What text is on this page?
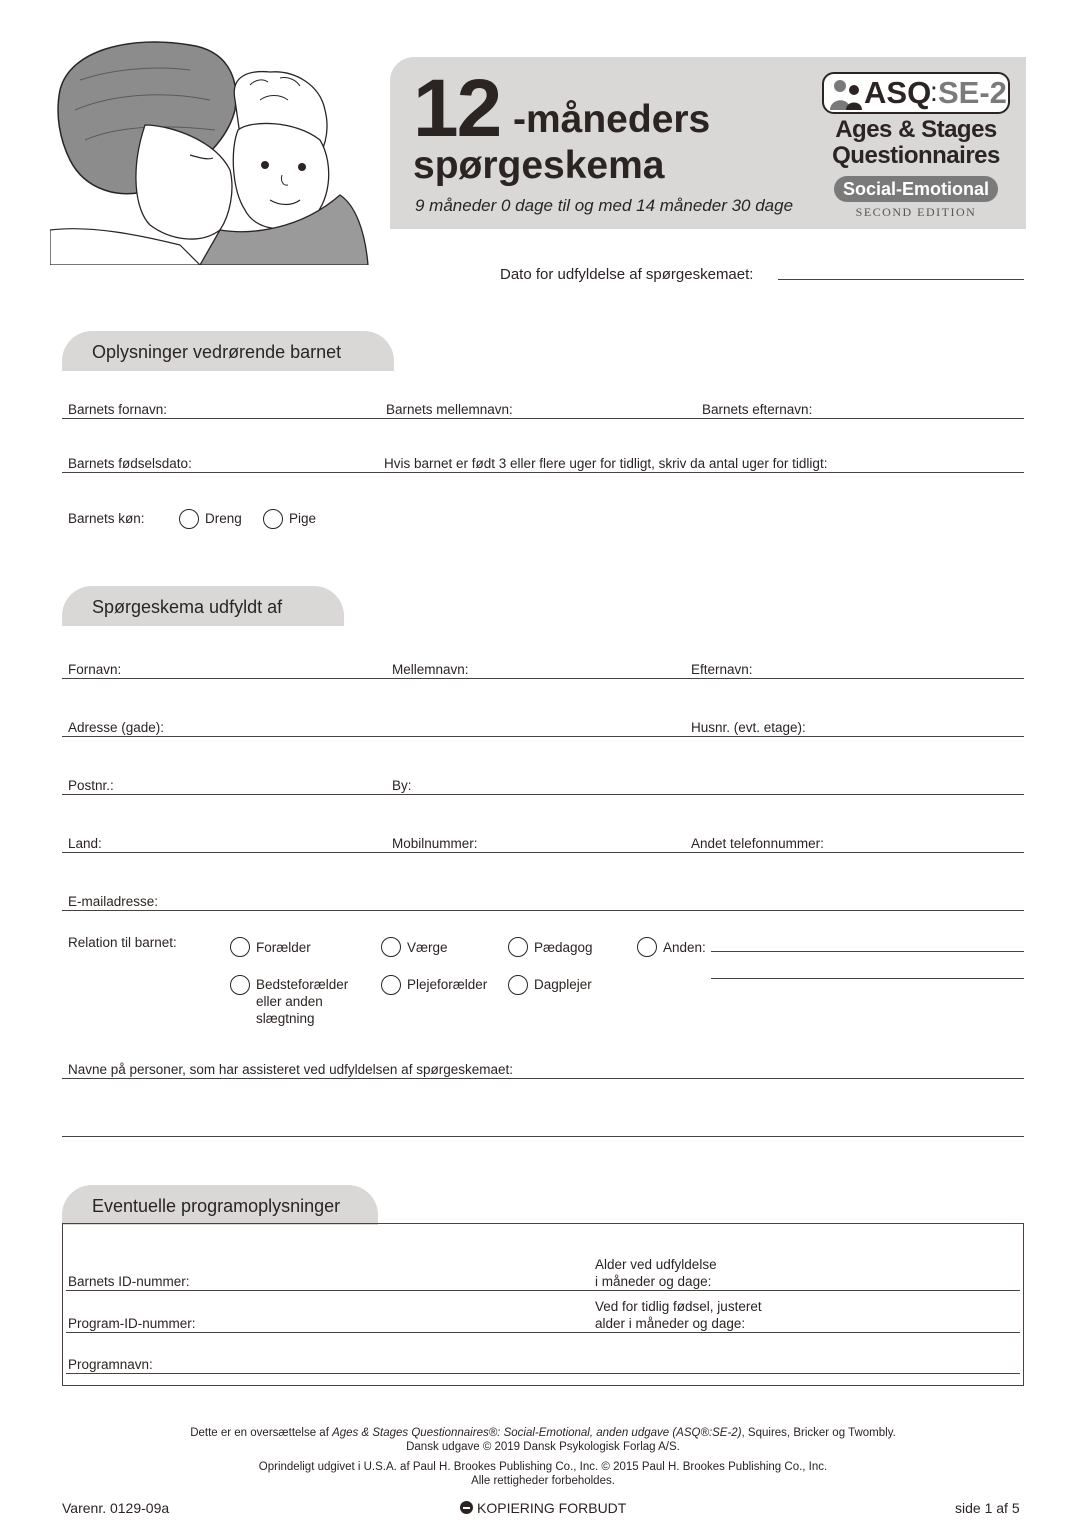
12 -måneders
spørgeskema
9 måneder 0 dage til og med 14 måneder 30 dage
ASQ
: SE-2
Ages & Stages
Questionnaires
Social-Emotional
SECOND EDITION
Dato for udfyldelse af spørgeskemaet:
Oplysninger vedrørende barnet
Barnets fornavn:	Barnets mellemnavn:	Barnets efternavn:
Barnets fødselsdato:	Hvis barnet er født 3 eller flere uger for tidligt, skriv da antal uger for tidligt:
Barnets køn:	Dreng	Pige
Spørgeskema udfyldt af
Fornavn:	Mellemnavn:	Efternavn:
Adresse (gade):	Husnr. (evt. etage):
Postnr.:	By:
Land:	Mobilnummer:	Andet telefonnummer:
E-mailadresse:
Relation til barnet:	Forælder	Værge	Pædagog	Anden:
Bedsteforælder
eller anden
slægtning
Plejeforælder	Dagplejer
Navne på personer, som har assisteret ved udfyldelsen af spørgeskemaet:
Eventuelle programoplysninger
Barnets ID-nummer:
Alder ved udfyldelse
i måneder og dage:
Program-ID-nummer:
Ved for tidlig fødsel, justeret
alder i måneder og dage:
Programnavn:
Dette er en oversættelse af Ages & Stages Questionnaires®: Social-Emotional, anden udgave (ASQ®:SE-2), Squires, Bricker og Twombly.
Dansk udgave © 2019 Dansk Psykologisk Forlag A/S.
Oprindeligt udgivet i U.S.A. af Paul H. Brookes Publishing Co., Inc. © 2015 Paul H. Brookes Publishing Co., Inc.
Alle rettigheder forbeholdes.
Varenr. 0129-09a	KOPIERING FORBUDT	side 1 af 5
